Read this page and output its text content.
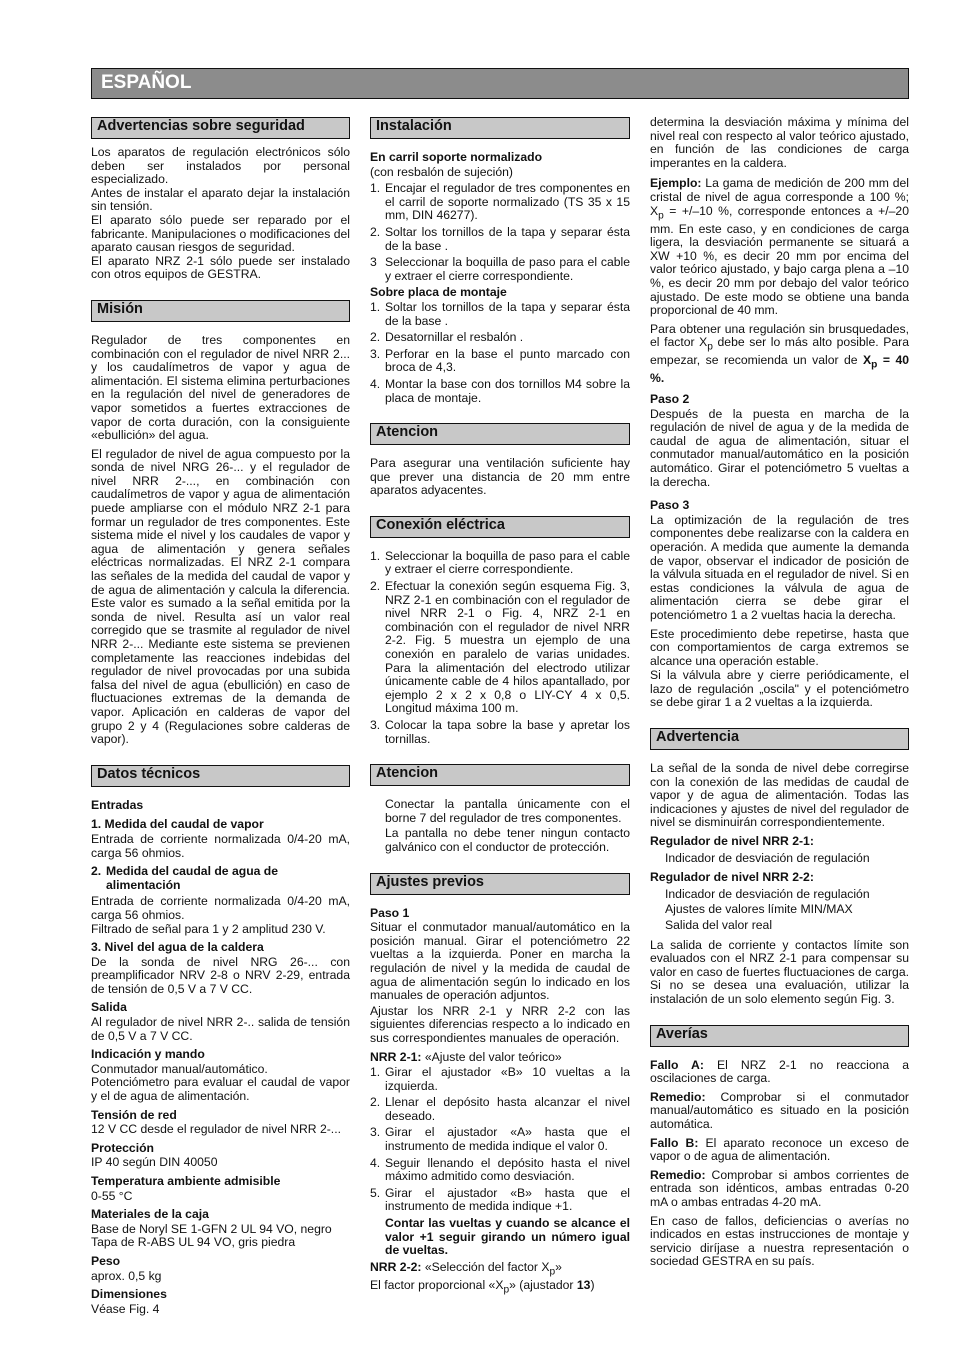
ESPAÑOL
Advertencias sobre seguridad

Los aparatos de regulación electrónicos sólo deben ser instalados por personal especializado.

Antes de instalar el aparato dejar la instalación sin tensión.

El aparato sólo puede ser reparado por el fabricante. Manipulaciones o modificaciones del aparato causan riesgos de seguridad.

El aparato NRZ 2-1 sólo puede ser instalado con otros equipos de GESTRA.

Misión

Regulador de tres componentes en combinación con el regulador de nivel NRR 2... y los caudalímetros de vapor y agua de alimentación. El sistema elimina perturbaciones en la regulación del nivel de generadores de vapor sometidos a fuertes extracciones de vapor de corta duración, con la consiguiente «ebullición» del agua.

El regulador de nivel de agua compuesto por la sonda de nivel NRG 26-... y el regulador de nivel NRR 2-..., en combinación con caudalímetros de vapor y agua de alimentación puede ampliarse con el módulo NRZ 2-1 para formar un regulador de tres componentes. Este sistema mide el nivel y los caudales de vapor y agua de alimentación y genera señales eléctricas normalizadas. El NRZ 2-1 compara las señales de la medida del caudal de vapor y de agua de alimentación y calcula la diferencia. Este valor es sumado a la señal emitida por la sonda de nivel. Resulta así un valor real corregido que se trasmite al regulador de nivel NRR 2-... Mediante este sistema se previenen completamente las reacciones indebidas del regulador de nivel provocadas por una subida falsa del nivel de agua (ebullición) en caso de fluctuaciones extremas de la demanda de vapor. Aplicación en calderas de vapor del grupo 2 y 4 (Regulaciones sobre calderas de vapor).

Datos técnicos
Entradas
1. Medida del caudal de vapor

Entrada de corriente normalizada 0/4-20 mA, carga 56 ohmios.

2. Medida del caudal de agua de alimentación

Entrada de corriente normalizada 0/4-20 mA, carga 56 ohmios.

Filtrado de señal para 1 y 2 amplitud 230 V.

3. Nivel del agua de la caldera

De la sonda de nivel NRG 26-... con preamplificador NRV 2-8 o NRV 2-29, entrada de tensión de 0,5 V a 7 V CC.

Salida

Al regulador de nivel NRR 2-.. salida de tensión de 0,5 V a 7 V CC.

Indicación y mando

Conmutador manual/automático.

Potenciómetro para evaluar el caudal de vapor y el de agua de alimentación.

Tensión de red

12 V CC desde el regulador de nivel NRR 2-...

Protección

IP 40 según DIN 40050

Temperatura ambiente admisible

0-55 °C

Materiales de la caja

Base de Noryl SE 1-GFN 2 UL 94 VO, negro

Tapa de R-ABS UL 94 VO, gris piedra

Peso

aprox. 0,5 kg

Dimensiones

Véase Fig. 4

Instalación
En carril soporte normalizado

(con resbalón de sujeción)

1. Encajar el regulador de tres componentes en el carril de soporte normalizado (TS 35 x 15 mm, DIN 46277).
2. Soltar los tornillos de la tapa y separar ésta de la base .
3 Seleccionar la boquilla de paso para el cable y extraer el cierre correspondiente.
Sobre placa de montaje
1. Soltar los tornillos de la tapa y separar ésta de la base .
2. Desatornillar el resbalón .
3. Perforar en la base el punto marcado con broca de 4,3.
4. Montar la base con dos tornillos M4 sobre la placa de montaje.
Atencion

Para asegurar una ventilación suficiente hay que prever una distancia de 20 mm entre aparatos adyacentes.

Conexión eléctrica
1. Seleccionar la boquilla de paso para el cable y extraer el cierre correspondiente.
2. Efectuar la conexión según esquema Fig. 3, NRZ 2-1 en combinación con el regulador de nivel NRR 2-1 o Fig. 4, NRZ 2-1 en combinación con el regulador de nivel NRR 2-2. Fig. 5 muestra un ejemplo de una conexión en paralelo de varias unidades. Para la alimentación del electrodo utilizar únicamente cable de 4 hilos apantallado, por ejemplo 2 x 2 x 0,8 o LIY-CY 4 x 0,5. Longitud máxima 100 m.
3. Colocar la tapa sobre la base y apretar los tornillas.
Atencion

Conectar la pantalla únicamente con el borne 7 del regulador de tres componentes.

La pantalla no debe tener ningun contacto galvánico con el conductor de protección.

Ajustes previos
Paso 1

Situar el conmutador manual/automático en la posición manual. Girar el potenciómetro 22 vueltas a la izquierda. Poner en marcha la regulación de nivel y la medida de caudal de agua de alimentación según lo indicado en los manuales de operación adjuntos.

Ajustar los NRR 2-1 y NRR 2-2 con las siguientes diferencias respecto a lo indicado en sus correspondientes manuales de operación.

NRR 2-1: «Ajuste del valor teórico»

1. Girar el ajustador «B» 10 vueltas a la izquierda.
2. Llenar el depósito hasta alcanzar el nivel deseado.
3. Girar el ajustador «A» hasta que el instrumento de medida indique el valor 0.
4. Seguir llenando el depósito hasta el nivel máximo admitido como desviación.
5. Girar el ajustador «B» hasta que el instrumento de medida indique +1.

Contar las vueltas y cuando se alcance el valor +1 seguir girando un número igual de vueltas.

NRR 2-2: «Selección del factor $X_p$»

El factor proporcional «$X_p$» (ajustador 13)

determina la desviación máxima y mínima del nivel real con respecto al valor teórico ajustado, en función de las condiciones de carga imperantes en la caldera.

Ejemplo: La gama de medición de 200 mm del cristal de nivel de agua corresponde a 100 %; $X_p = +/-10$ %, corresponde entonces a +/–20 mm. En este caso, y en condiciones de carga ligera, la desviación permanente se situará a XW +10 %, es decir 20 mm por encima del valor teórico ajustado, y bajo carga plena a –10 %, es decir 20 mm por debajo del valor teórico ajustado. De este modo se obtiene una banda proporcional de 40 mm.

Para obtener una regulación sin brusquedades, el factor $X_p$ debe ser lo más alto posible. Para empezar, se recomienda un valor de $X_p = 40$ %.

Paso 2

Después de la puesta en marcha de la regulación de nivel de agua y de la medida de caudal de agua de alimentación, situar el conmutador manual/automático en la posición automático. Girar el potenciómetro 5 vueltas a la derecha.

Paso 3

La optimización de la regulación de tres componentes debe realizarse con la caldera en operación. A medida que aumente la demanda de vapor, observar el indicador de posición de la válvula situada en el regulador de nivel. Si en estas condiciones la válvula de agua de alimentación cierra se debe girar el potenciómetro 1 a 2 vueltas hacia la derecha.

Este procedimiento debe repetirse, hasta que con comportamientos de carga extremos se alcance una operación estable.

Si la válvula abre y cierre periódicamente, el lazo de regulación „oscila" y el potenciómetro se debe girar 1 a 2 vueltas a la izquierda.

Advertencia

La señal de la sonda de nivel debe corregirse con la conexión de las medidas de caudal de vapor y de agua de alimentación. Todas las indicaciones y ajustes de nivel del regulador de nivel se disminuirán correspondientemente.

Regulador de nivel NRR 2-1:
Indicador de desviación de regulación
Regulador de nivel NRR 2-2:
Indicador de desviación de regulación
Ajustes de valores límite MIN/MAX
Salida del valor real

La salida de corriente y contactos límite son evaluados con el NRZ 2-1 para compensar su valor en caso de fuertes fluctuaciones de carga. Si no se desea una evaluación, utilizar la instalación de un solo elemento según Fig. 3.

Averías

Fallo A: El NRZ 2-1 no reacciona a oscilaciones de carga.

Remedio: Comprobar si el conmutador manual/automático es situado en la posición automática.

Fallo B: El aparato reconoce un exceso de vapor o de agua de alimentación.

Remedio: Comprobar si ambos corrientes de entrada son idénticos, ambas entradas 0-20 mA o ambas entradas 4-20 mA.

En caso de fallos, deficiencias o averías no indicados en estas instrucciones de montaje y servicio diríjase a nuestra representación o sociedad GESTRA en su país.
